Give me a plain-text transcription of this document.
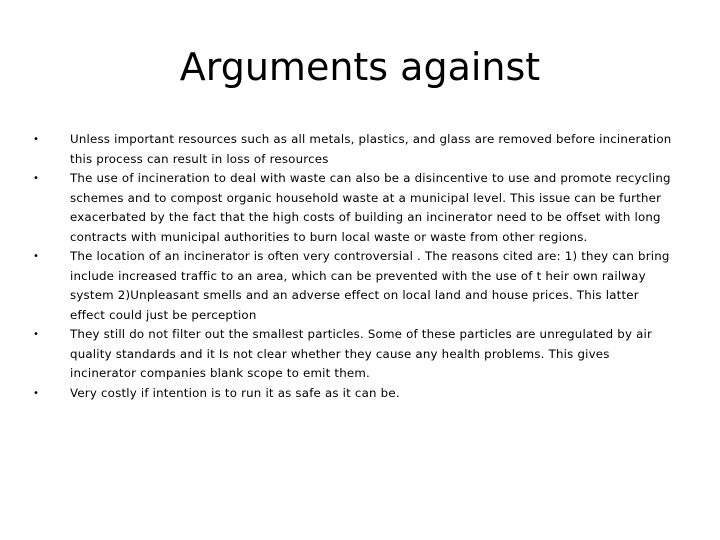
Arguments against
•	Unless important resources such as all metals, plastics, and glass are removed before incineration this process can result in loss of resources
•	The use of incineration to deal with waste can also be a disincentive to use and promote recycling schemes and to compost organic household waste at a municipal level. This issue can be further exacerbated by the fact that the high costs of building an incinerator need to be offset with long contracts with municipal authorities to burn local waste or waste from other regions.
•	The location of an incinerator is often very controversial . The reasons cited are: 1) they can bring include increased traffic to an area, which can be prevented with the use of t heir own railway system 2)Unpleasant smells and an adverse effect on local land and house prices. This latter effect could just be perception
•	They still do not filter out the smallest particles. Some of these particles are unregulated by air quality standards and it Is not clear whether they cause any health problems. This gives incinerator companies blank scope to emit them.
•	Very costly if intention is to run it as safe as it can be.
